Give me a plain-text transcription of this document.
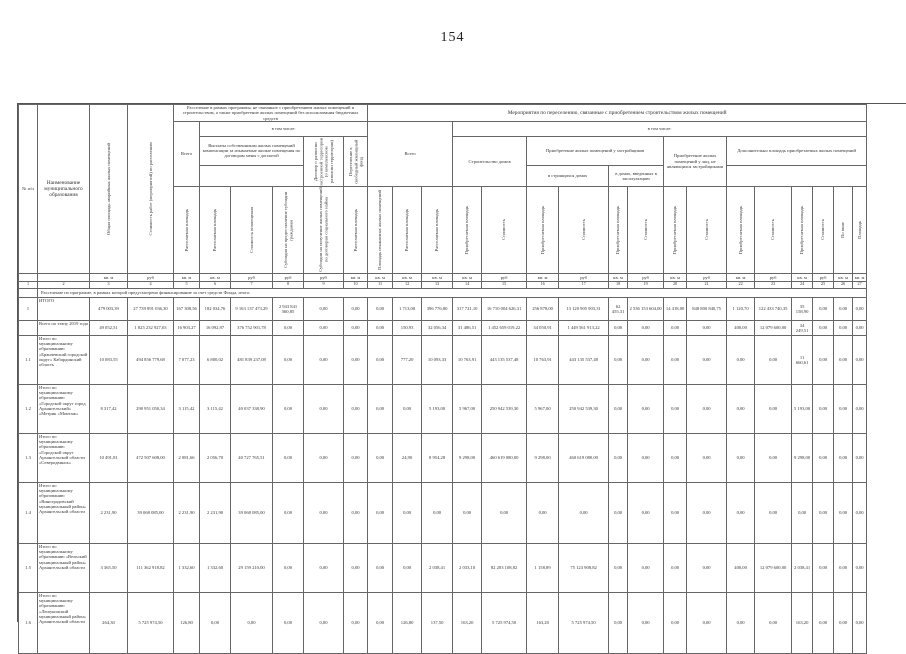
154
№ п/п	Наименование муниципального образования	Общая площадь аварийных жилых помещений	Стоимость работ (мероприятий) по расселению	Расселение в рамках программы, не связанное с приобретением жилых помещений и строительством, а также приобретение жилых помещений без использования бюджетных средств						Мероприятия по переселению, связанные с приобретением строительством жилых помещений																
				Всего	в том числе:					Всего			в том числе:													
					Выплаты собственникам жилых помещений компенсации за изымаемые жилые помещения по договорам мены с доплатой			Договор о развитии застроенной территории (о комплексном развитии территории)	Переселение в свободный жилищный фонд				Строительство домов		Приобретение жилых помещений у застройщиков				Приобретение жилых помещений у лиц, не являющихся застройщиками		Дополнительно площадь приобретаемых жилых помещений					
															в строящихся домах		в домах, введенных в эксплуатацию									

				Расселяемая площадь	Расселяемая площадь	Стоимость возмещения	Субсидия на предоставление субсидии гражданам	Субсидии на получение жилых помещений по договорам социального найма	Расселяемая площадь	Площадь изымаемых жилых помещений	Расселяемая площадь	Расселяемая площадь	Приобретаемая площадь	Стоимость	Приобретаемая площадь	Стоимость	Приобретаемая площадь	Стоимость	Приобретаемая площадь	Стоимость	Приобретаемая площадь	Стоимость	Приобретаемая площадь	Стоимость	По вине	Площадь

		кв. м	руб	кв. м	кв. м	руб	руб	руб	кв. м	кв. м	кв. м	кв. м	кв. м	руб	кв. м	руб	кв. м	руб	кв. м	руб	кв. м	руб	кв. м	руб	кв. м	кв. м
1	2	3	4	5	6	7	8	9	10	11	12	13	14	15	16	17	18	19	20	21	22	23	24	25	26	27
	Расселение по программе, в рамках которой предусмотрено финансирование за счет средств Фонда, итого:																									
I	ИТОГО	479 003,39	27 739 891 036,30	167 308,56	182 034,76	9 163 137 473,29	2 943 841 360,85	0,00	0,00	0,00	1 713,00	396 776,80	317 721,10	16 710 004 626,31	256 878,00	13 120 905 903,31	62 455,31	2 536 153 604,00	14 418,00	848 800 840,75	1 120,70	122 433 740,35	35 158,90	0,00	0,00	0,00
	Всего по этапу 2019 года	49 052,51	1 825 232 927,03	16 903,27	16 092,97	376 752 901,78	0,00	0,00	0,00	0,00	150,93	32 056,34	31 486,51	1 452 659 019,22	34 050,91	1 449 561 913,22	0,00	0,00	0,00	0,00	400,00	12 079 600,00	34 249,51	0,00	0,00	0,00
1.1	Итого по муниципальному образованию «Бранчевский городской округ» Кабардинский область	10 083,55	494 856 779,68	7 077,23	6 800,02	481 839 237,08	0,00	0,00	0,00	0,00	777,20	10 093,33	10 763,91	443 135 537,48	10 763,91	443 135 537,48	0,00	0,00	0,00	0,00	0,00	0,00	11 660,61	0,00	0,00	0,00
1.2	Итого по муниципальному образованию «Городской округ город Архангельский» «Метрик «Монтаж»	8 317,42	290 951 050,34	3 115,42	3 115,42	40 037 338,90	0,00	0,00	0,00	0,00	0,00	5 193,00	5 967,00	250 942 539,30	5 967,00	250 942 539,30	0,00	0,00	0,00	0,00	0,00	0,00	5 193,00	0,00	0,00	0,00
1.3	Итого по муниципальному образованию «Городской округ Архангельской области «Северодвинск»	10 491,81	472 507 608,00	2 081,66	2 056,70	40 727 765,51	0,00	0,00	0,00	0,00	24,90	8 954,28	9 298,00	460 619 080,00	9 298,00	460 619 080,00	0,00	0,00	0,00	0,00	0,00	0,00	9 298,00	0,00	0,00	0,00
1.4	Итого по муниципальному образованию «Виноградовский муниципальный район» Архангельской области	2 231,90	39 068 085,00	2 231,90	2 231,90	39 068 085,00	0,00	0,00	0,00	0,00	0,00	0,00	0,00	0,00	0,00	0,00	0,00	0,00	0,00	0,00	0,00	0,00	0,00	0,00	0,00	0,00
1.5	Итого по муниципальному образованию «Вельский муниципальный район» Архангельской области	3 365,50	111 362 918,82	1 332,60	1 332,60	29 159 210,00	0,00	0,00	0,00	0,00	0,00	2 038,41	2 033,10	82 203 108,82	1 158,89	75 123 908,82	0,00	0,00	0,00	0,00	400,00	12 079 600,00	2 038,41	0,00	0,00	0,00
1.6	Итого по муниципальному образованию «Лешуконский муниципальный район» Архангельской области	264,30	5 725 974,50	126,80	0,00	0,00	0,00	0,00	0,00	0,00	126,80	137,50	163,20	5 725 974,50	163,20	5 725 974,50	0,00	0,00	0,00	0,00	0,00	0,00	163,20	0,00	0,00	0,00
